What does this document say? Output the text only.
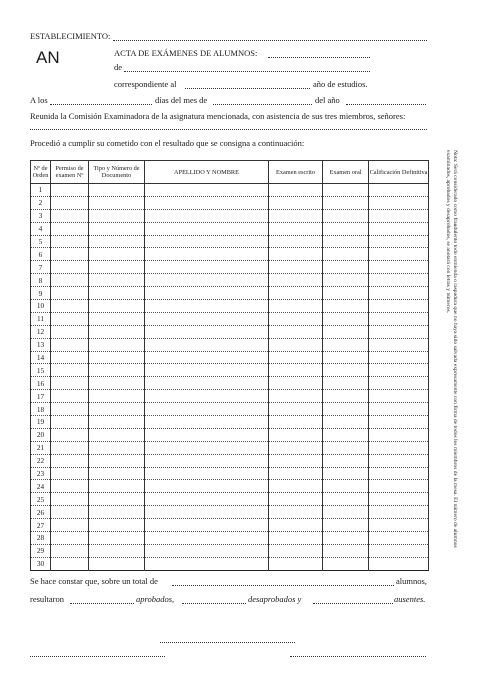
ESTABLECIMIENTO:
AN	ACTA DE EXÁMENES DE ALUMNOS:
de
correspondiente al	año de estudios.
A los	días del mes de	del año
Reunida la Comisión Examinadora de la asignatura mencionada, con asistencia de sus tres miembros, señores:
Procedió a cumplir su cometido con el resultado que se consigna a continuación:
Nº de Orden	Permiso de examen Nº	Tipo y Número de Documento	APELLIDO Y NOMBRE	Examen escrito	Examen oral	Calificación Definitiva
1						
2						
3						
4						
5						
6						
7						
8						
9						
10						
11						
12						
13						
14						
15						
16						
17						
18						
19						
20						
21						
22						
23						
24						
25						
26						
27						
28						
29						
30						
Nota: Será considerado como fraudulento todo enmienda o raspadura que no haya sido salvada expresamente con firma de todos los miembros de la mesa. El número de alumnos examinados, aprobados y desaprobados, se anotará con letras y números.
Se hace constar que, sobre un total de	alumnos,
resultaron	aprobados,	desaprobados y	ausentes.
